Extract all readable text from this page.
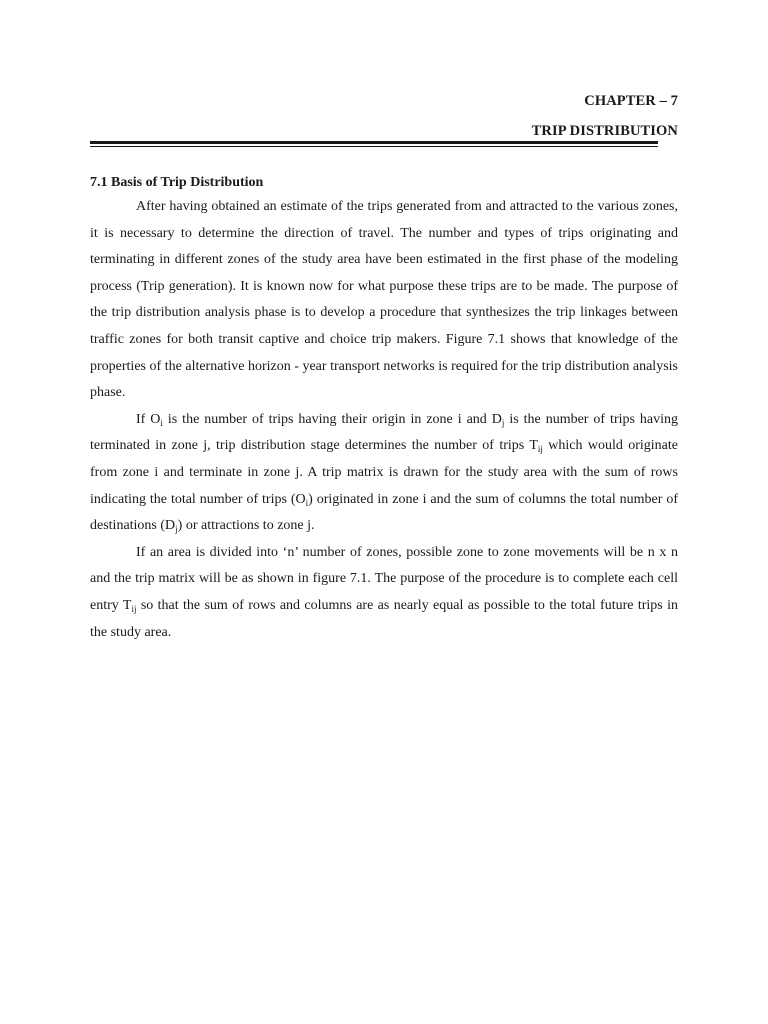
CHAPTER – 7
TRIP DISTRIBUTION

7.1 Basis of Trip Distribution

After having obtained an estimate of the trips generated from and attracted to the various zones, it is necessary to determine the direction of travel. The number and types of trips originating and terminating in different zones of the study area have been estimated in the first phase of the modeling process (Trip generation). It is known now for what purpose these trips are to be made. The purpose of the trip distribution analysis phase is to develop a procedure that synthesizes the trip linkages between traffic zones for both transit captive and choice trip makers. Figure 7.1 shows that knowledge of the properties of the alternative horizon - year transport networks is required for the trip distribution analysis phase.

If $O_i$ is the number of trips having their origin in zone i and $D_j$ is the number of trips having terminated in zone j, trip distribution stage determines the number of trips $T_{ij}$ which would originate from zone i and terminate in zone j. A trip matrix is drawn for the study area with the sum of rows indicating the total number of trips $(O_i)$ originated in zone i and the sum of columns the total number of destinations $(D_j)$ or attractions to zone j.

If an area is divided into ‘n’ number of zones, possible zone to zone movements will be n x n and the trip matrix will be as shown in figure 7.1. The purpose of the procedure is to complete each cell entry $T_{ij}$ so that the sum of rows and columns are as nearly equal as possible to the total future trips in the study area.
